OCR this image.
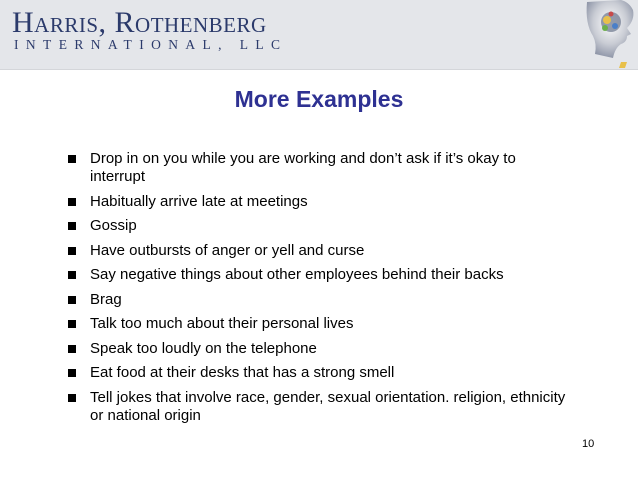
Harris, Rothenberg
INTERNATIONAL, LLC
More Examples
Drop in on you while you are working and don’t ask if it’s okay to interrupt
Habitually arrive late at meetings
Gossip
Have outbursts of anger or yell and curse
Say negative things about other employees behind their backs
Brag
Talk too much about their personal lives
Speak too loudly on the telephone
Eat food at their desks that has a strong smell
Tell jokes that involve race, gender, sexual orientation. religion, ethnicity or national origin
10
